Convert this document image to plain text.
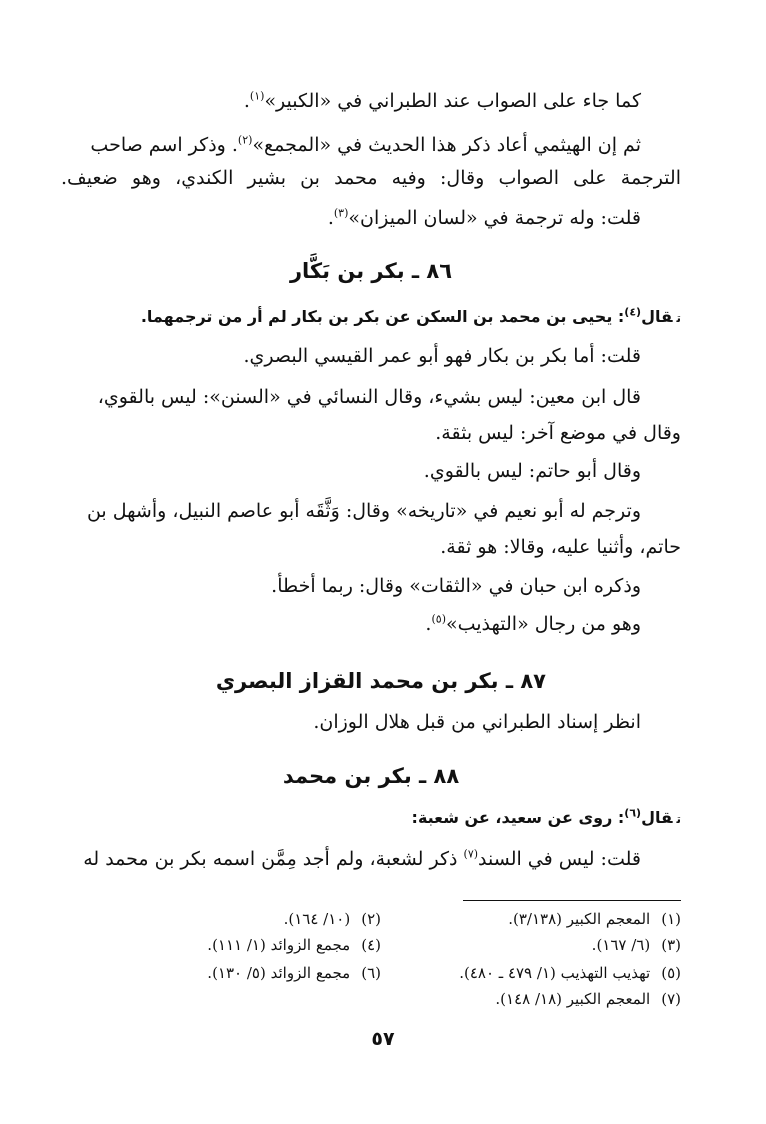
كما جاء على الصواب عند الطبراني في «الكبير»$^{(١)}$.
ثم إن الهيثمي أعاد ذكر هذا الحديث في «المجمع»$^{(٢)}$. وذكر اسم صاحب
الترجمة على الصواب وقال: وفيه محمد بن بشير الكندي، وهو ضعيف.
قلت: وله ترجمة في «لسان الميزان»$^{(٣)}$.
٨٦ ـ بكر بن بَكَّار
تقال$^{(٤)}$: يحيى بن محمد بن السكن عن بكر بن بكار لم أر من ترجمهما.
قلت: أما بكر بن بكار فهو أبو عمر القيسي البصري.
قال ابن معين: ليس بشيء، وقال النسائي في «السنن»: ليس بالقوي،
وقال في موضع آخر: ليس بثقة.
وقال أبو حاتم: ليس بالقوي.
وترجم له أبو نعيم في «تاريخه» وقال: وَثَّقَه أبو عاصم النبيل، وأشهل بن
حاتم، وأثنيا عليه، وقالا: هو ثقة.
وذكره ابن حبان في «الثقات» وقال: ربما أخطأ.
وهو من رجال «التهذيب»$^{(٥)}$.
٨٧ ـ بكر بن محمد القزاز البصري
انظر إسناد الطبراني من قبل هلال الوزان.
٨٨ ـ بكر بن محمد
تقال$^{(٦)}$: روى عن سعيد، عن شعبة:
قلت: ليس في السند$^{(٧)}$ ذكر لشعبة، ولم أجد مِمَّن اسمه بكر بن محمد له
(١) المعجم الكبير (٣/١٣٨).
(٣) (٦/ ١٦٧).
(٥) تهذيب التهذيب (١/ ٤٧٩ ـ ٤٨٠).
(٧) المعجم الكبير (١٨/ ١٤٨).
(٢) (١٠/ ١٦٤).
(٤) مجمع الزوائد (١/ ١١١).
(٦) مجمع الزوائد (٥/ ١٣٠).
٥٧
